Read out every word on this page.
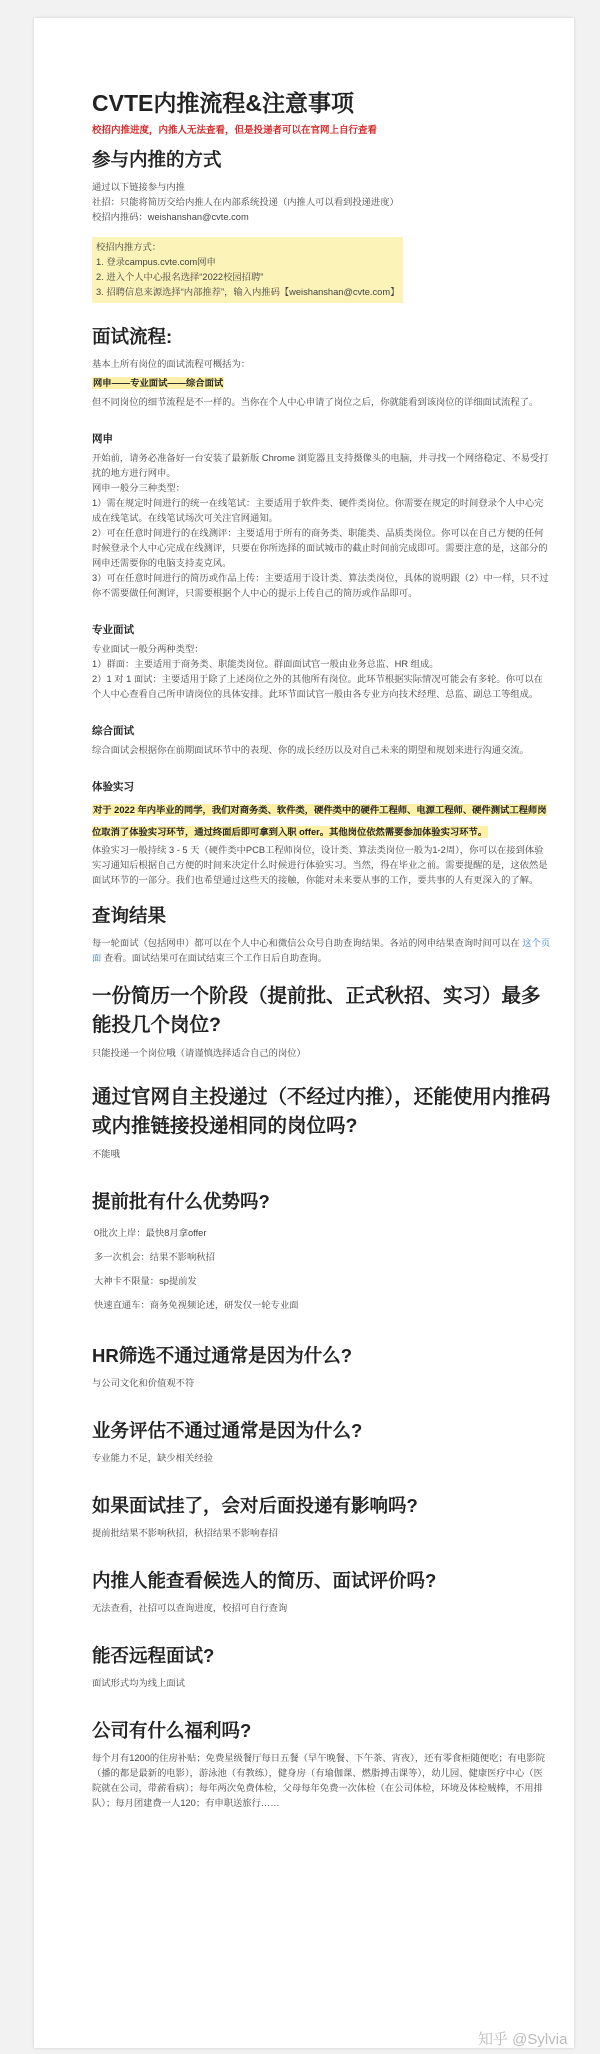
CVTE内推流程&注意事项
校招内推进度，内推人无法查看，但是投递者可以在官网上自行查看
参与内推的方式

通过以下链接参与内推

社招：只能将简历交给内推人在内部系统投递（内推人可以看到投递进度）

校招内推码：weishanshan@cvte.com

校招内推方式：

1. 登录campus.cvte.com网申

2. 进入个人中心报名选择“2022校园招聘”

3. 招聘信息来源选择“内部推荐”，输入内推码【weishanshan@cvte.com】

面试流程:

基本上所有岗位的面试流程可概括为：

网申——专业面试——综合面试

但不同岗位的细节流程是不一样的。当你在个人中心申请了岗位之后，你就能看到该岗位的详细面试流程了。

网申

开始前，请务必准备好一台安装了最新版 Chrome 浏览器且支持摄像头的电脑，并寻找一个网络稳定、不易受打扰的地方进行网申。

网申一般分三种类型：

1）需在规定时间进行的统一在线笔试：主要适用于软件类、硬件类岗位。你需要在规定的时间登录个人中心完成在线笔试。在线笔试场次可关注官网通知。

2）可在任意时间进行的在线测评：主要适用于所有的商务类、职能类、品质类岗位。你可以在自己方便的任何时候登录个人中心完成在线测评，只要在你所选择的面试城市的截止时间前完成即可。需要注意的是，这部分的网申还需要你的电脑支持麦克风。

3）可在任意时间进行的简历或作品上传：主要适用于设计类、算法类岗位，具体的说明跟（2）中一样，只不过你不需要做任何测评，只需要根据个人中心的提示上传自己的简历或作品即可。

专业面试

专业面试一般分两种类型：

1）群面：主要适用于商务类、职能类岗位。群面面试官一般由业务总监、HR 组成。

2）1 对 1 面试：主要适用于除了上述岗位之外的其他所有岗位。此环节根据实际情况可能会有多轮。你可以在个人中心查看自己所申请岗位的具体安排。此环节面试官一般由各专业方向技术经理、总监、副总工等组成。

综合面试

综合面试会根据你在前期面试环节中的表现、你的成长经历以及对自己未来的期望和规划来进行沟通交流。

体验实习

对于 2022 年内毕业的同学，我们对商务类、软件类，硬件类中的硬件工程师、电源工程师、硬件测试工程师岗位取消了体验实习环节，通过终面后即可拿到入职 offer。其他岗位依然需要参加体验实习环节。

体验实习一般持续 3 - 5 天（硬件类中PCB工程师岗位，设计类、算法类岗位一般为1-2周），你可以在接到体验实习通知后根据自己方便的时间来决定什么时候进行体验实习。当然，得在毕业之前。需要提醒的是，这依然是面试环节的一部分。我们也希望通过这些天的接触，你能对未来要从事的工作，要共事的人有更深入的了解。

查询结果

每一轮面试（包括网申）都可以在个人中心和微信公众号自助查询结果。各站的网申结果查询时间可以在 这个页面 查看。面试结果可在面试结束三个工作日后自助查询。

一份简历一个阶段（提前批、正式秋招、实习）最多能投几个岗位?

只能投递一个岗位哦（请谨慎选择适合自己的岗位）

通过官网自主投递过（不经过内推），还能使用内推码或内推链接投递相同的岗位吗?

不能哦

提前批有什么优势吗?
0批次上岸：最快8月拿offer
多一次机会：结果不影响秋招
大神卡不限量：sp提前发
快速直通车：商务免视频论述，研发仅一轮专业面
HR筛选不通过通常是因为什么?

与公司文化和价值观不符

业务评估不通过通常是因为什么?

专业能力不足，缺少相关经验

如果面试挂了，会对后面投递有影响吗?

提前批结果不影响秋招，秋招结果不影响春招

内推人能查看候选人的简历、面试评价吗?

无法查看，社招可以查询进度，校招可自行查询

能否远程面试?

面试形式均为线上面试

公司有什么福利吗?

每个月有1200的住房补贴；免费星级餐厅每日五餐（早午晚餐、下午茶、宵夜），还有零食柜随便吃；有电影院（播的都是最新的电影），游泳池（有教练），健身房（有瑜伽课、燃脂搏击课等），幼儿园、健康医疗中心（医院就在公司，带薪看病）；每年两次免费体检，父母每年免费一次体检（在公司体检，环境及体检贼棒，不用排队）；每月团建费一人120；有申职送旅行……

知乎 @Sylvia
